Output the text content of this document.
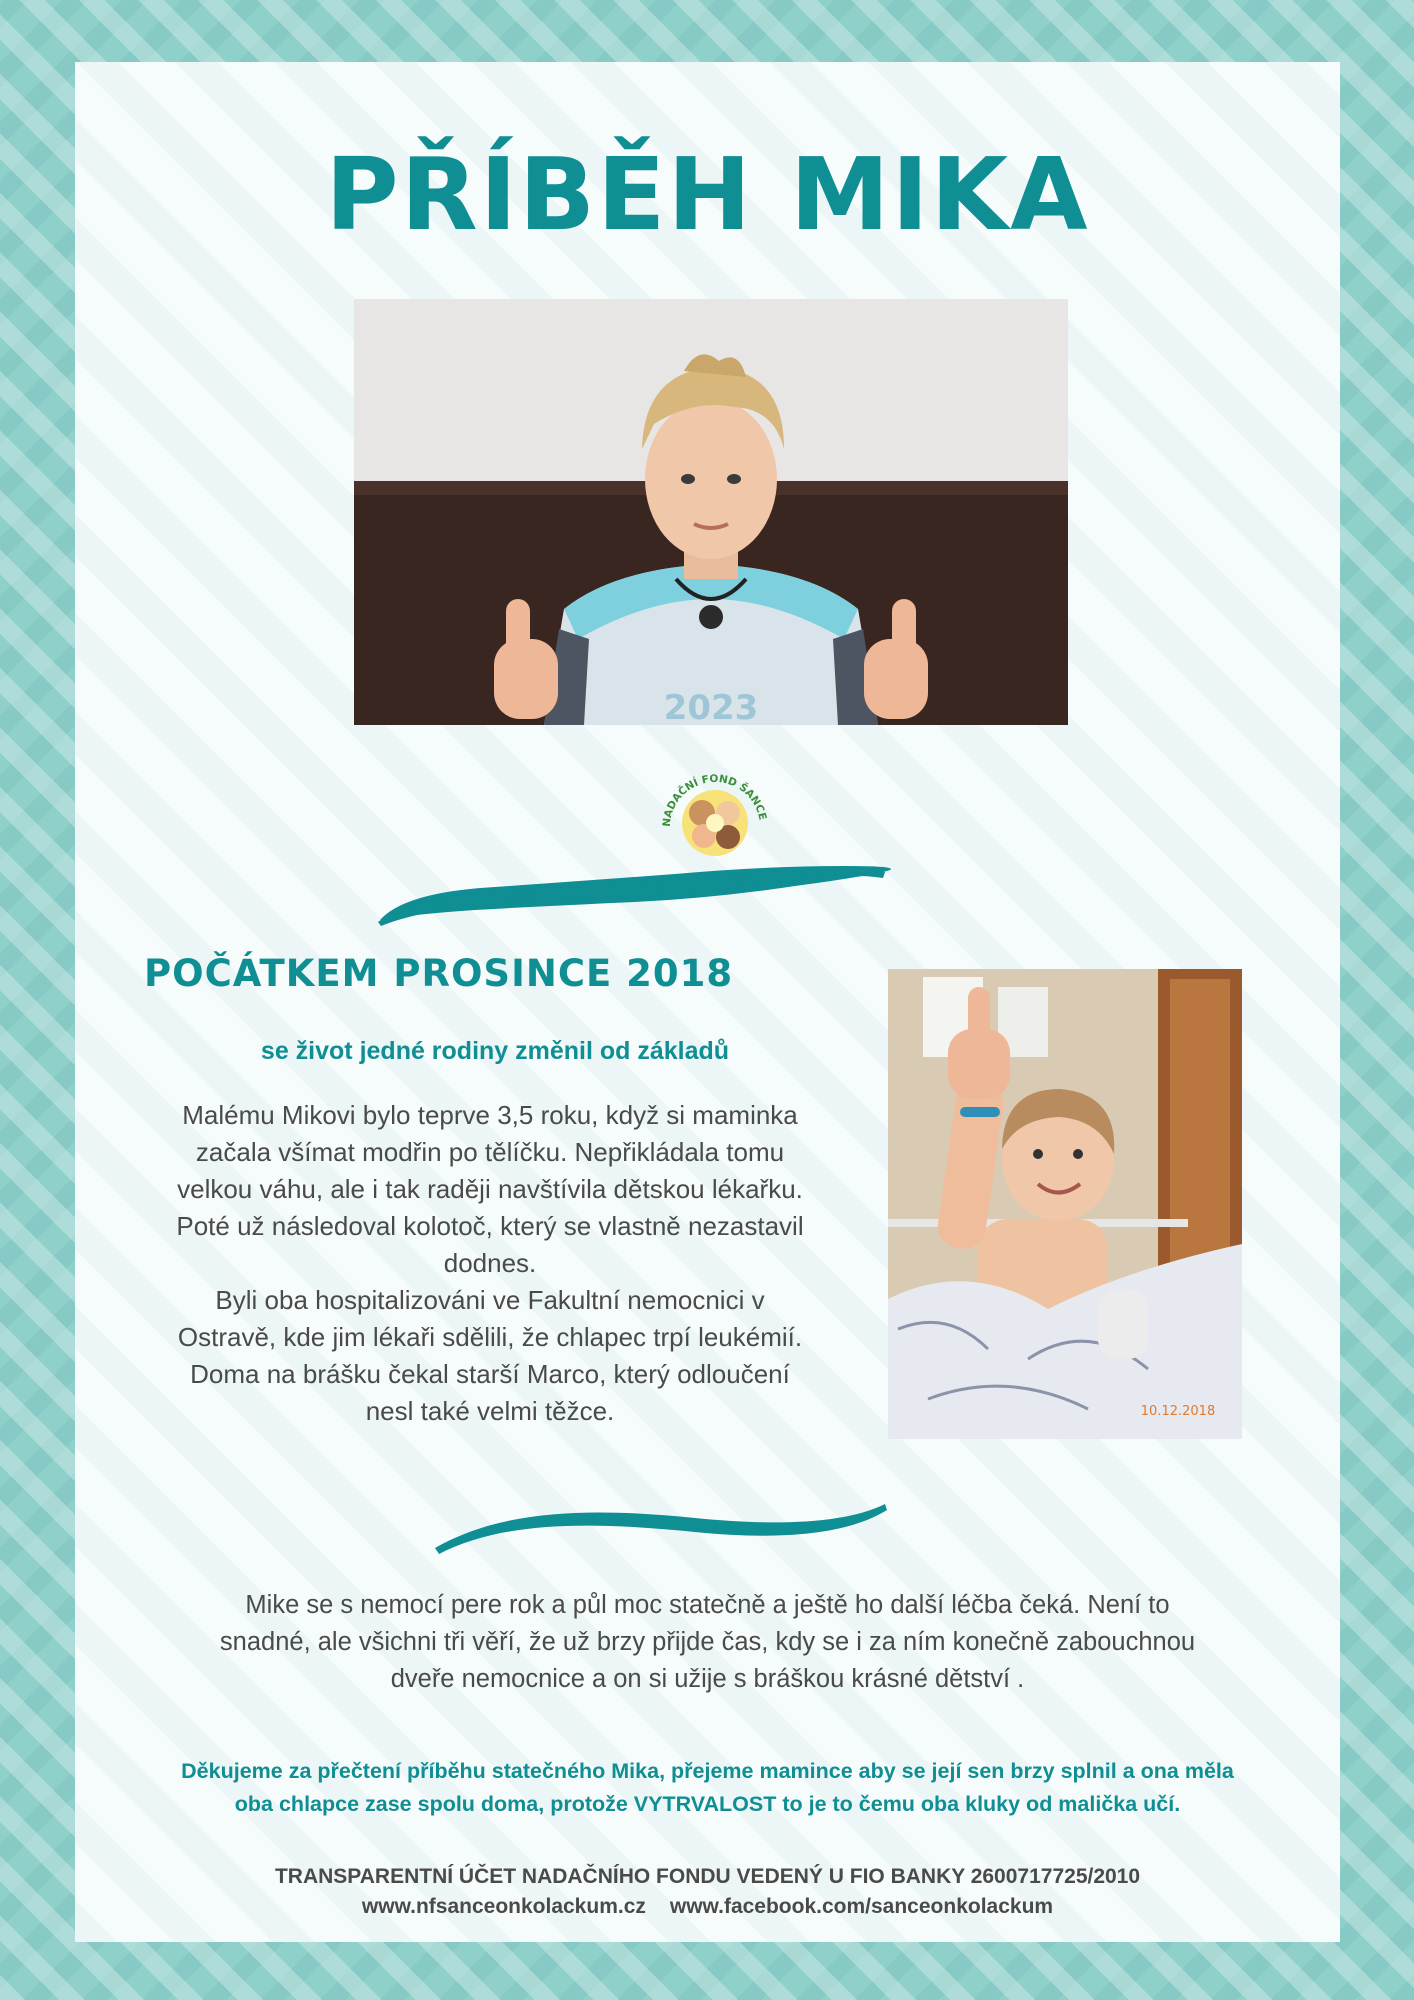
PŘÍBĚH MIKA
2023
NADAČNÍ FOND ŠANCE
POČÁTKEM PROSINCE 2018
se život jedné rodiny změnil od základů

Malému Mikovi bylo teprve 3,5 roku, když si maminka

začala všímat modřin po tělíčku. Nepřikládala tomu

velkou váhu, ale i tak raději navštívila dětskou lékařku.

Poté už následoval kolotoč, který se vlastně nezastavil

dodnes.

Byli oba hospitalizováni ve Fakultní nemocnici v

Ostravě, kde jim lékaři sdělili, že chlapec trpí leukémií.

Doma na brášku čekal starší Marco, který odloučení

nesl také velmi těžce.	10.12.2018
Mike se s nemocí pere rok a půl moc statečně a ještě ho další léčba čeká. Není to
snadné, ale všichni tři věří, že už brzy přijde čas, kdy se i za ním konečně zabouchnou
dveře nemocnice a on si užije s bráškou krásné dětství .
Děkujeme za přečtení příběhu statečného Mika, přejeme mamince aby se její sen brzy splnil a ona měla
oba chlapce zase spolu doma, protože VYTRVALOST to je to čemu oba kluky od malička učí.
TRANSPARENTNÍ ÚČET NADAČNÍHO FONDU VEDENÝ U FIO BANKY 2600717725/2010
www.nfsanceonkolackum.cz www.facebook.com/sanceonkolackum
